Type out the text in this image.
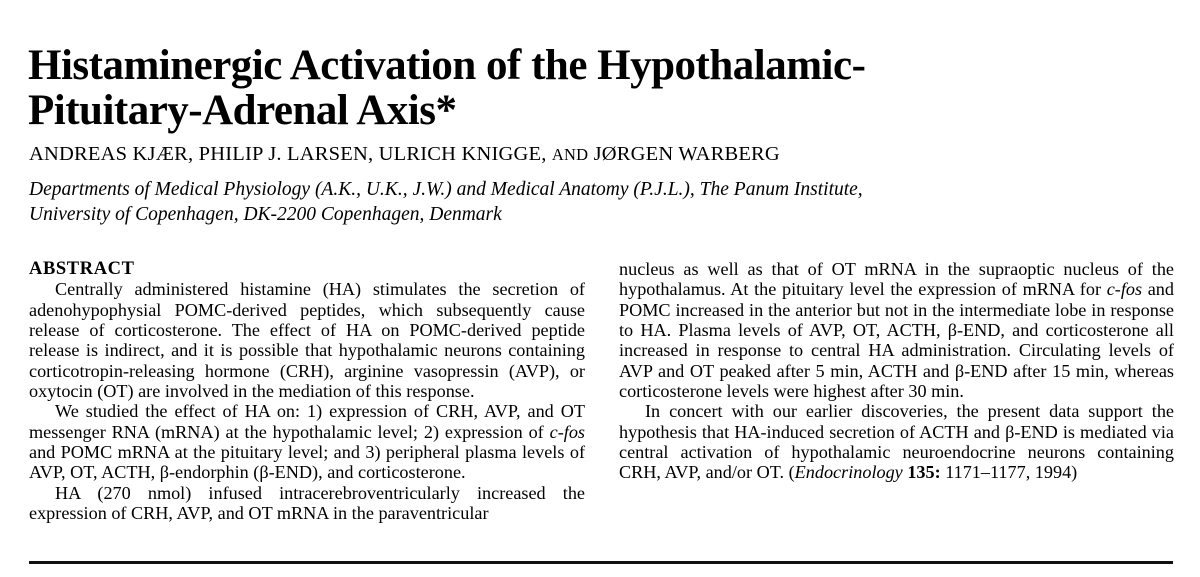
Histaminergic Activation of the Hypothalamic-
Pituitary-Adrenal Axis*
ANDREAS KJÆR, PHILIP J. LARSEN, ULRICH KNIGGE, AND JØRGEN WARBERG
Departments of Medical Physiology (A.K., U.K., J.W.) and Medical Anatomy (P.J.L.), The Panum Institute,
University of Copenhagen, DK-2200 Copenhagen, Denmark
ABSTRACT

Centrally administered histamine (HA) stimulates the secretion of adenohypophysial POMC-derived peptides, which subsequently cause release of corticosterone. The effect of HA on POMC-derived peptide release is indirect, and it is possible that hypothalamic neurons containing corticotropin-releasing hormone (CRH), arginine vasopressin (AVP), or oxytocin (OT) are involved in the mediation of this response.

We studied the effect of HA on: 1) expression of CRH, AVP, and OT messenger RNA (mRNA) at the hypothalamic level; 2) expression of c-fos and POMC mRNA at the pituitary level; and 3) peripheral plasma levels of AVP, OT, ACTH, β-endorphin (β-END), and corticosterone.

HA (270 nmol) infused intracerebroventricularly increased the expression of CRH, AVP, and OT mRNA in the paraventricular

nucleus as well as that of OT mRNA in the supraoptic nucleus of the hypothalamus. At the pituitary level the expression of mRNA for c-fos and POMC increased in the anterior but not in the intermediate lobe in response to HA. Plasma levels of AVP, OT, ACTH, β-END, and corticosterone all increased in response to central HA administration. Circulating levels of AVP and OT peaked after 5 min, ACTH and β-END after 15 min, whereas corticosterone levels were highest after 30 min.

In concert with our earlier discoveries, the present data support the hypothesis that HA-induced secretion of ACTH and β-END is mediated via central activation of hypothalamic neuroendocrine neurons containing CRH, AVP, and/or OT. (Endocrinology 135: 1171–1177, 1994)
